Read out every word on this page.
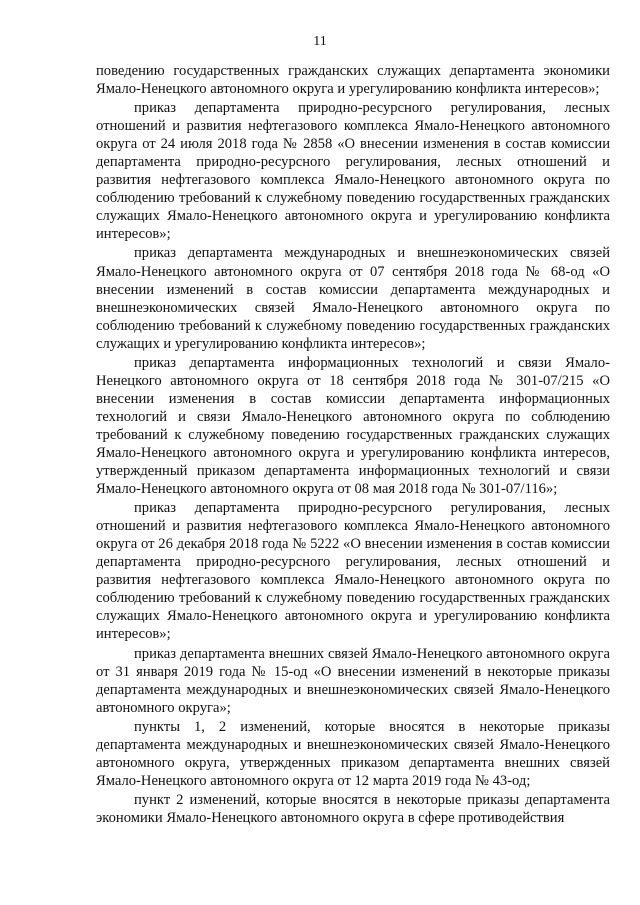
11

поведению государственных гражданских служащих департамента экономики Ямало-Ненецкого автономного округа и урегулированию конфликта интересов»;

приказ департамента природно-ресурсного регулирования, лесных отношений и развития нефтегазового комплекса Ямало-Ненецкого автономного округа от 24 июля 2018 года № 2858 «О внесении изменения в состав комиссии департамента природно-ресурсного регулирования, лесных отношений и развития нефтегазового комплекса Ямало-Ненецкого автономного округа по соблюдению требований к служебному поведению государственных гражданских служащих Ямало-Ненецкого автономного округа и урегулированию конфликта интересов»;

приказ департамента международных и внешнеэкономических связей Ямало-Ненецкого автономного округа от 07 сентября 2018 года № 68-од «О внесении изменений в состав комиссии департамента международных и внешнеэкономических связей Ямало-Ненецкого автономного округа по соблюдению требований к служебному поведению государственных гражданских служащих и урегулированию конфликта интересов»;

приказ департамента информационных технологий и связи Ямало-Ненецкого автономного округа от 18 сентября 2018 года № 301-07/215 «О внесении изменения в состав комиссии департамента информационных технологий и связи Ямало-Ненецкого автономного округа по соблюдению требований к служебному поведению государственных гражданских служащих Ямало-Ненецкого автономного округа и урегулированию конфликта интересов, утвержденный приказом департамента информационных технологий и связи Ямало-Ненецкого автономного округа от 08 мая 2018 года № 301-07/116»;

приказ департамента природно-ресурсного регулирования, лесных отношений и развития нефтегазового комплекса Ямало-Ненецкого автономного округа от 26 декабря 2018 года № 5222 «О внесении изменения в состав комиссии департамента природно-ресурсного регулирования, лесных отношений и развития нефтегазового комплекса Ямало-Ненецкого автономного округа по соблюдению требований к служебному поведению государственных гражданских служащих Ямало-Ненецкого автономного округа и урегулированию конфликта интересов»;

приказ департамента внешних связей Ямало-Ненецкого автономного округа от 31 января 2019 года № 15-од «О внесении изменений в некоторые приказы департамента международных и внешнеэкономических связей Ямало-Ненецкого автономного округа»;

пункты 1, 2 изменений, которые вносятся в некоторые приказы департамента международных и внешнеэкономических связей Ямало-Ненецкого автономного округа, утвержденных приказом департамента внешних связей Ямало-Ненецкого автономного округа от 12 марта 2019 года № 43-од;

пункт 2 изменений, которые вносятся в некоторые приказы департамента экономики Ямало-Ненецкого автономного округа в сфере противодействия
